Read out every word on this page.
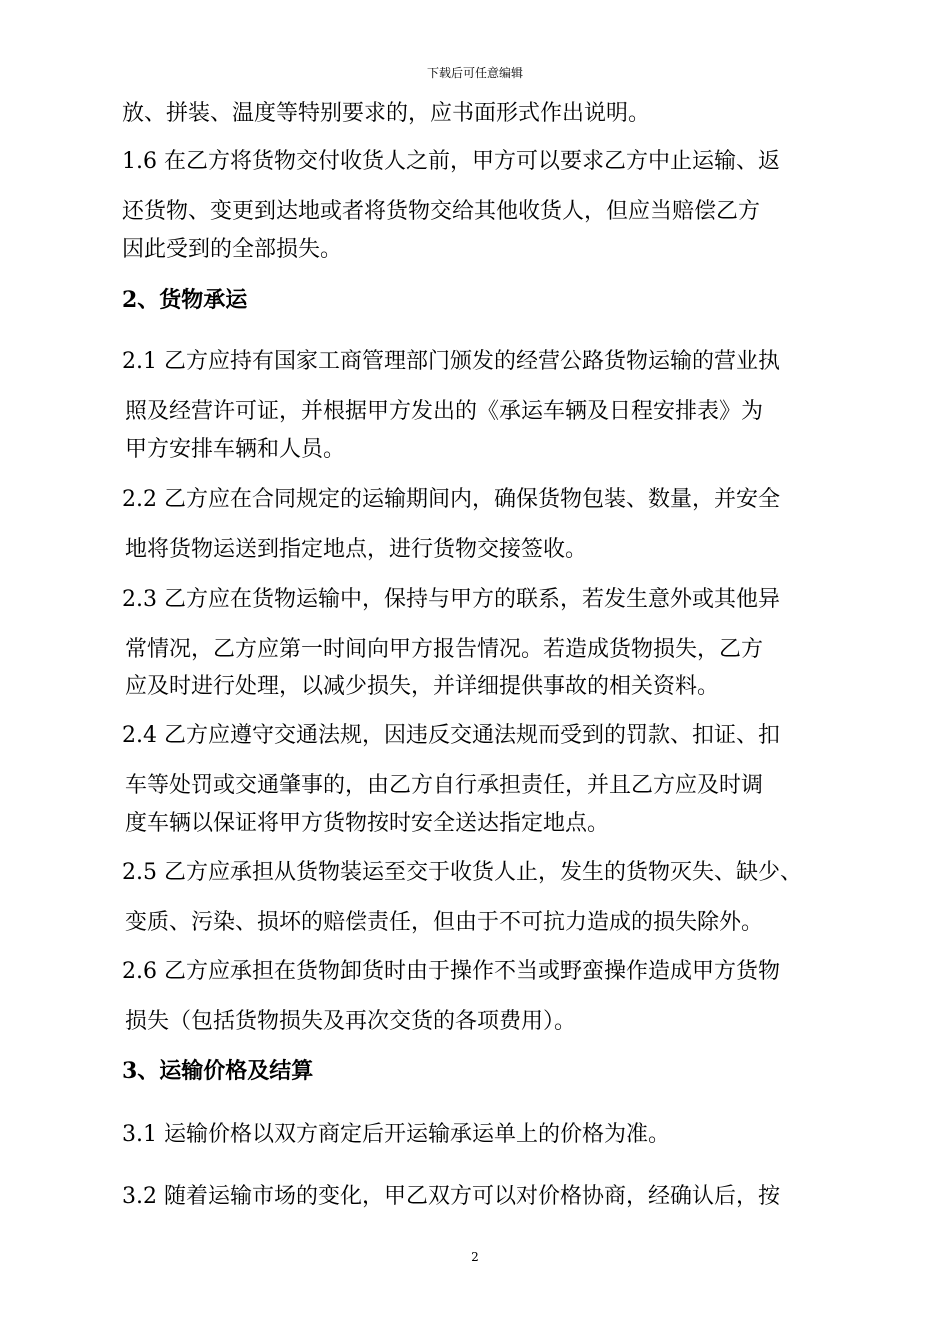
下载后可任意编辑
放、拼装、温度等特别要求的，应书面形式作出说明。
1.6 在乙方将货物交付收货人之前，甲方可以要求乙方中止运输、返
还货物、变更到达地或者将货物交给其他收货人，但应当赔偿乙方
因此受到的全部损失。
2、货物承运
2.1 乙方应持有国家工商管理部门颁发的经营公路货物运输的营业执
照及经营许可证，并根据甲方发出的《承运车辆及日程安排表》为
甲方安排车辆和人员。
2.2 乙方应在合同规定的运输期间内，确保货物包装、数量，并安全
地将货物运送到指定地点，进行货物交接签收。
2.3 乙方应在货物运输中，保持与甲方的联系，若发生意外或其他异
常情况，乙方应第一时间向甲方报告情况。若造成货物损失，乙方
应及时进行处理，以减少损失，并详细提供事故的相关资料。
2.4 乙方应遵守交通法规，因违反交通法规而受到的罚款、扣证、扣
车等处罚或交通肇事的，由乙方自行承担责任，并且乙方应及时调
度车辆以保证将甲方货物按时安全送达指定地点。
2.5 乙方应承担从货物装运至交于收货人止，发生的货物灭失、缺少、
变质、污染、损坏的赔偿责任，但由于不可抗力造成的损失除外。
2.6 乙方应承担在货物卸货时由于操作不当或野蛮操作造成甲方货物
损失（包括货物损失及再次交货的各项费用）。
3、运输价格及结算
3.1 运输价格以双方商定后开运输承运单上的价格为准。
3.2 随着运输市场的变化，甲乙双方可以对价格协商，经确认后，按
2
